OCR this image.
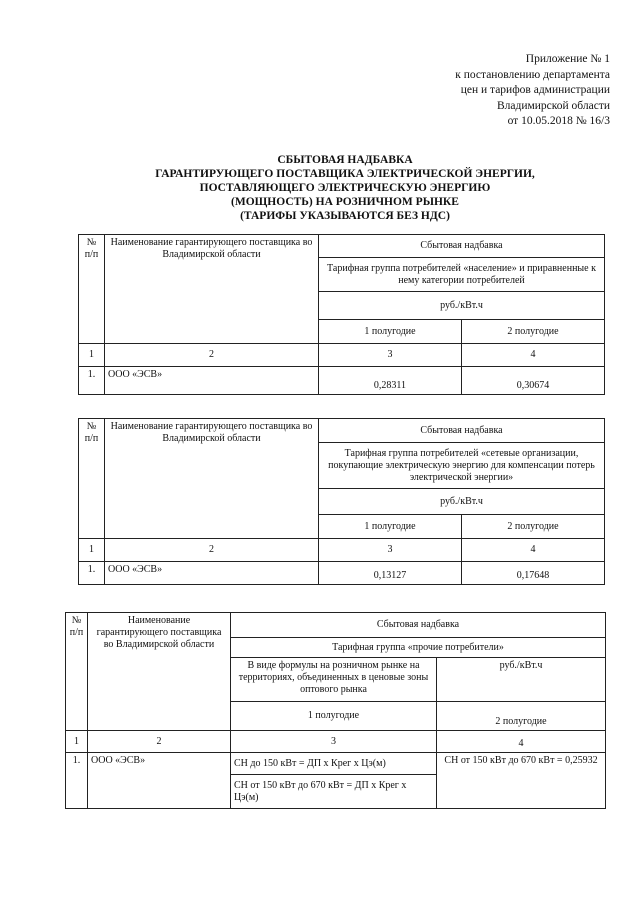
Приложение № 1
к постановлению департамента
цен и тарифов администрации
Владимирской области
от 10.05.2018 № 16/3
СБЫТОВАЯ НАДБАВКА
ГАРАНТИРУЮЩЕГО ПОСТАВЩИКА ЭЛЕКТРИЧЕСКОЙ ЭНЕРГИИ,
ПОСТАВЛЯЮЩЕГО ЭЛЕКТРИЧЕСКУЮ ЭНЕРГИЮ
(МОЩНОСТЬ) НА РОЗНИЧНОМ РЫНКЕ
(ТАРИФЫ УКАЗЫВАЮТСЯ БЕЗ НДС)
№ п/п	Наименование гарантирующего поставщика во Владимирской области	Сбытовая надбавка	
		Тарифная группа потребителей «население» и приравненные к нему категории потребителей	
		руб./кВт.ч	
		1 полугодие	2 полугодие
1	2	3	4
1.	ООО «ЭСВ»	0,28311	0,30674
№ п/п	Наименование гарантирующего поставщика во Владимирской области	Сбытовая надбавка	
		Тарифная группа потребителей «сетевые организации, покупающие электрическую энергию для компенсации потерь электрической энергии»	
		руб./кВт.ч	
		1 полугодие	2 полугодие
1	2	3	4
1.	ООО «ЭСВ»	0,13127	0,17648
№ п/п	Наименование гарантирующего поставщика во Владимирской области	Сбытовая надбавка	
		Тарифная группа «прочие потребители»	
		В виде формулы на розничном рынке на территориях, объединенных в ценовые зоны оптового рынка	руб./кВт.ч
		1 полугодие	2 полугодие
1	2	3	4
1.	ООО «ЭСВ»	СН до 150 кВт = ДП х Крег х Цэ(м)	СН от 150 кВт до 670 кВт = 0,25932
		СН от 150 кВт до 670 кВт = ДП х Крег х Цэ(м)	
